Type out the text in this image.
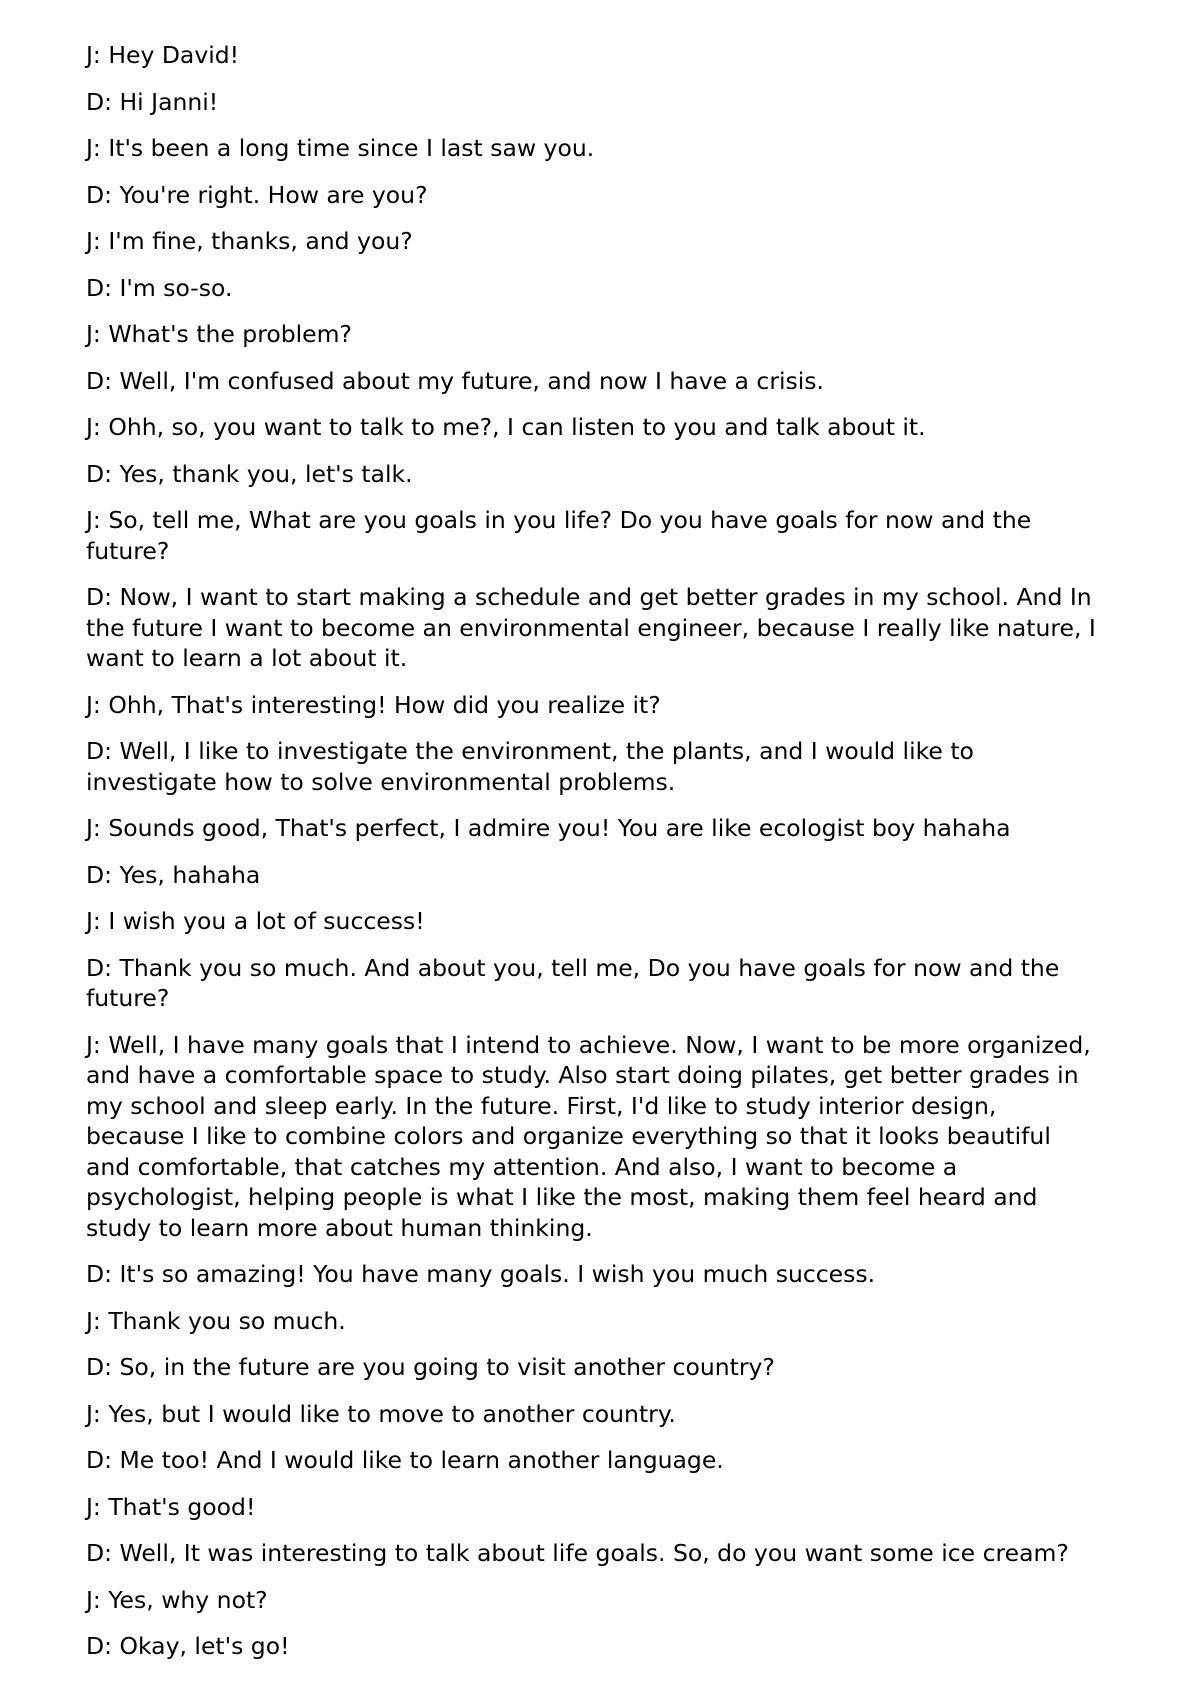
J: Hey David!

D: Hi Janni!

J: It's been a long time since I last saw you.

D: You're right. How are you?

J: I'm fine, thanks, and you?

D: I'm so-so.

J: What's the problem?

D: Well, I'm confused about my future, and now I have a crisis.

J: Ohh, so, you want to talk to me?, I can listen to you and talk about it.

D: Yes, thank you, let's talk.

J: So, tell me, What are you goals in you life? Do you have goals for now and the future?

D: Now, I want to start making a schedule and get better grades in my school. And In the future I want to become an environmental engineer, because I really like nature, I want to learn a lot about it.

J: Ohh, That's interesting! How did you realize it?

D: Well, I like to investigate the environment, the plants, and I would like to investigate how to solve environmental problems.

J: Sounds good, That's perfect, I admire you! You are like ecologist boy hahaha

D: Yes, hahaha

J: I wish you a lot of success!

D: Thank you so much. And about you, tell me, Do you have goals for now and the future?

J: Well, I have many goals that I intend to achieve. Now, I want to be more organized, and have a comfortable space to study. Also start doing pilates, get better grades in my school and sleep early. In the future. First, I'd like to study interior design, because I like to combine colors and organize everything so that it looks beautiful and comfortable, that catches my attention. And also, I want to become a psychologist, helping people is what I like the most, making them feel heard and study to learn more about human thinking.

D: It's so amazing! You have many goals. I wish you much success.

J: Thank you so much.

D: So, in the future are you going to visit another country?

J: Yes, but I would like to move to another country.

D: Me too! And I would like to learn another language.

J: That's good!

D: Well, It was interesting to talk about life goals. So, do you want some ice cream?

J: Yes, why not?

D: Okay, let's go!
